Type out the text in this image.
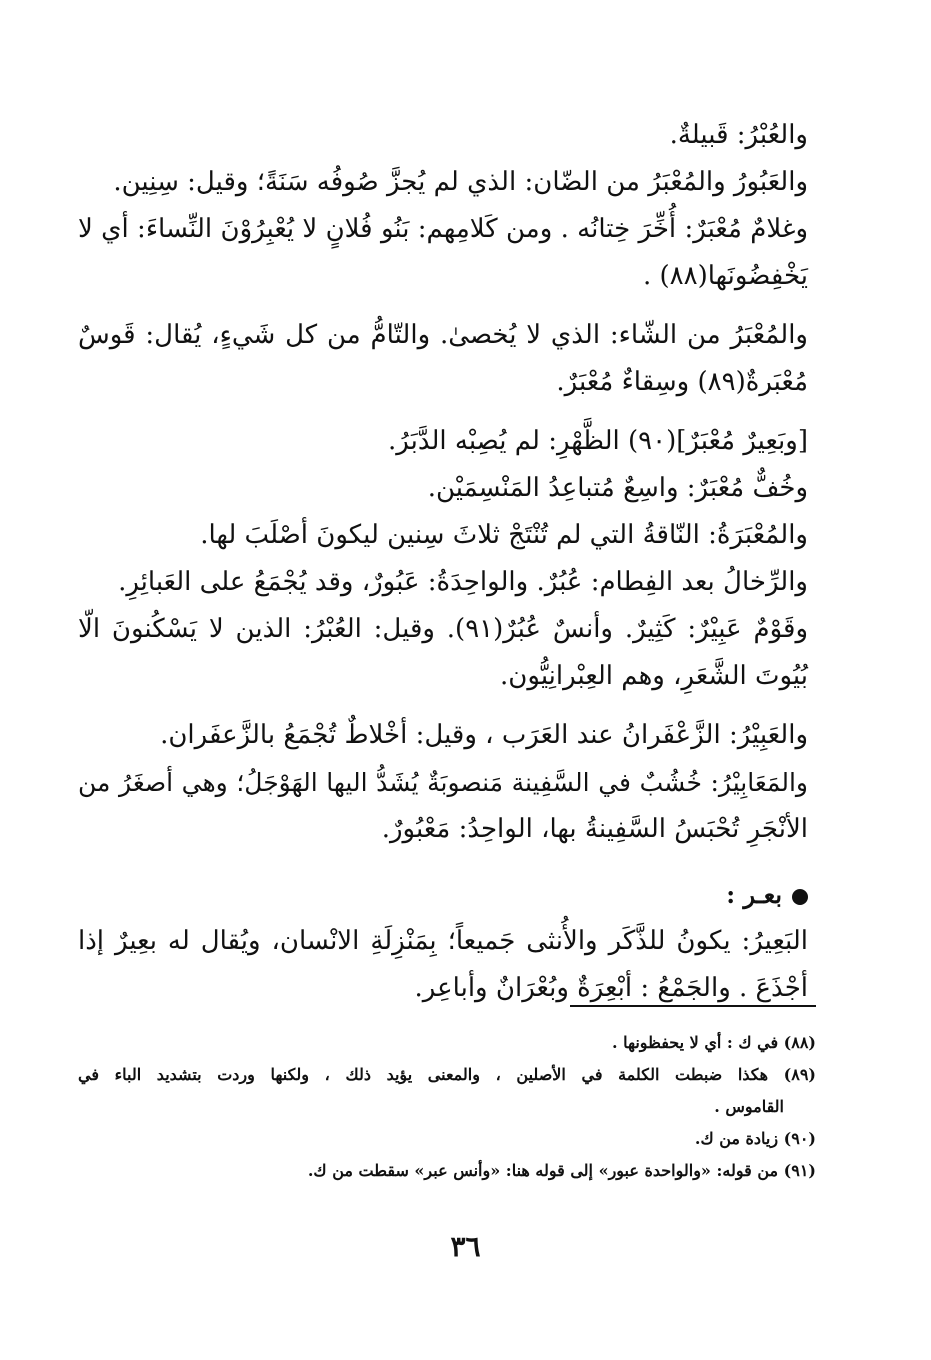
والعُبْرُ: قَبيلةٌ.
والعَبُورُ والمُعْبَرُ من الضّان: الذي لم يُجزَّ صُوفُه سَنَةً؛ وقيل: سِنِين.
وغلامٌ مُعْبَرٌ: أُخِّرَ خِتانُه . ومن كَلامِهم: بَنُو فُلانٍ لا يُعْبِرُوْنَ النِّساءَ: أي لا
يَخْفِضُونَها(٨٨) .
والمُعْبَرُ من الشّاء: الذي لا يُخصىٰ. والتّامُّ من كل شَيءٍ، يُقال: قَوسٌ
مُعْبَرةٌ(٨٩) وسِقاءٌ مُعْبَرٌ.
[وبَعِيرٌ مُعْبَرٌ](٩٠) الظَّهْرِ: لم يُصِبْه الدَّبَرُ.
وخُفٌّ مُعْبَرٌ: واسِعٌ مُتباعِدُ المَنْسِمَيْن.
والمُعْبَرَةُ: النّاقةُ التي لم تُنْتَجْ ثلاثَ سِنين ليكونَ أصْلَبَ لها.
والرِّخالُ بعد الفِطام: عُبُرٌ. والواحِدَةُ: عَبُورٌ، وقد يُجْمَعُ على العَبائِرِ.
وقَوْمٌ عَبِيْرٌ: كَثِيرٌ. وأنسٌ عُبُرٌ(٩١). وقيل: العُبْرُ: الذين لا يَسْكُنونَ الّا
بُيُوتَ الشَّعَرِ، وهم العِبْرانِيُّون.
والعَبِيْرُ: الزَّعْفَرانُ عند العَرَب ، وقيل: أخْلاطٌ تُجْمَعُ بالزَّعفَران.
والمَعَابِيْرُ: خُشُبٌ في السَّفِينة مَنصوبَةٌ يُشَدُّ اليها الهَوْجَلُ؛ وهي أصغَرُ من
الأنْجَرِ تُحْبَسُ السَّفِينةُ بها، الواحِدُ: مَعْبُورٌ.
بعـر :
البَعِيرُ: يكونُ للذَّكَر والأُنثى جَميعاً؛ بِمَنْزِلَةِ الانْسان، ويُقال له بعِيرٌ إذا
أجْذَعَ . والجَمْعُ : أبْعِرَةٌ وبُعْرَانٌ وأباعِر.
(٨٨) في ك : أي لا يحفظونها .
(٨٩) هكذا ضبطت الكلمة في الأصلين ، والمعنى يؤيد ذلك ، ولكنها وردت بتشديد الباء في
القاموس .
(٩٠) زيادة من ك.
(٩١) من قوله: «والواحدة عبور» إلى قوله هنا: «وأنس عبر» سقطت من ك.
٣٦
